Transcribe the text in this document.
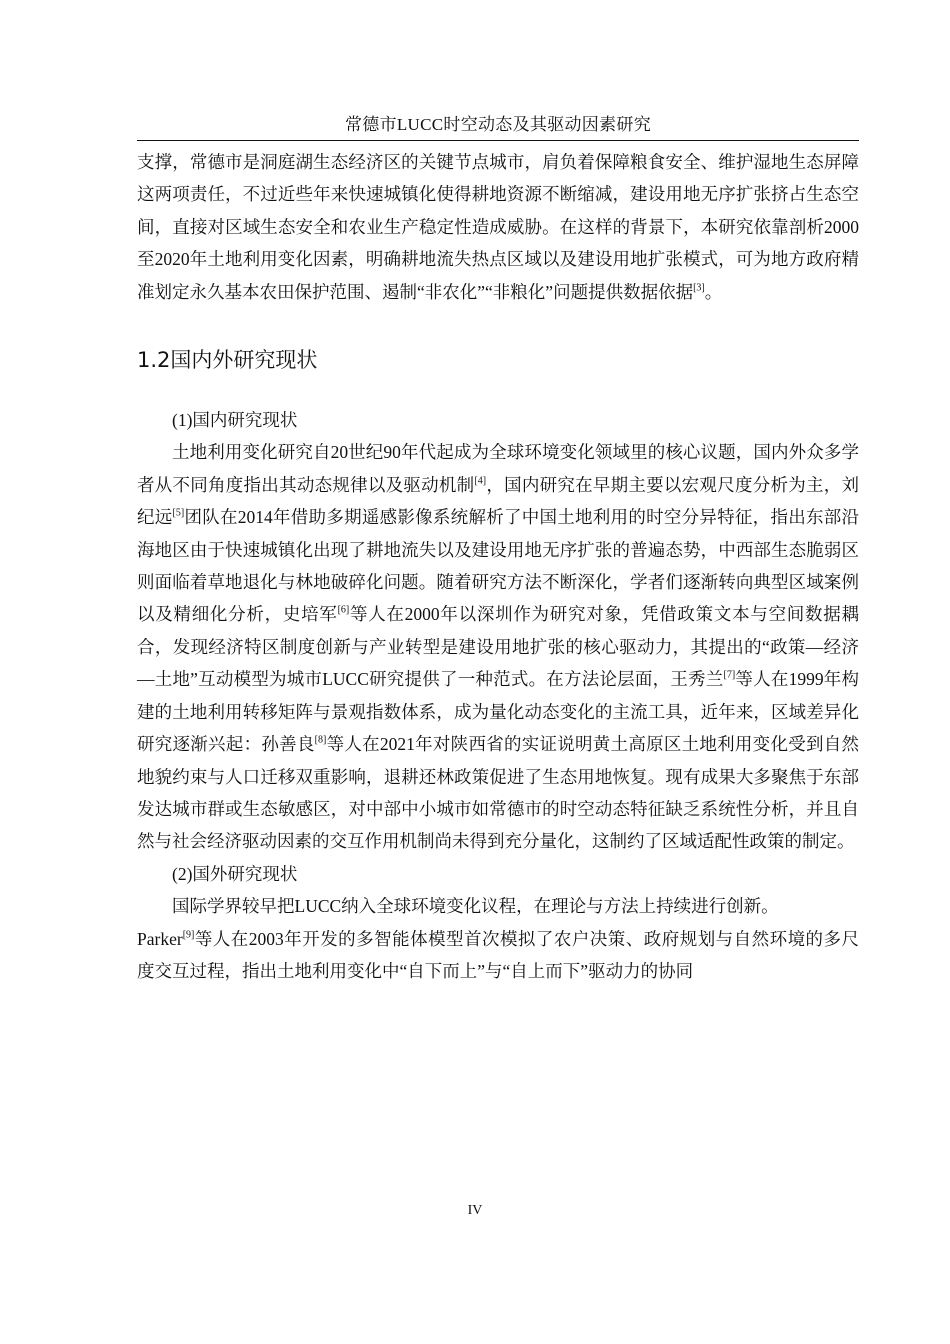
常德市LUCC时空动态及其驱动因素研究

支撑，常德市是洞庭湖生态经济区的关键节点城市，肩负着保障粮食安全、维护湿地生态屏障这两项责任，不过近些年来快速城镇化使得耕地资源不断缩减，建设用地无序扩张挤占生态空间，直接对区域生态安全和农业生产稳定性造成威胁。在这样的背景下，本研究依靠剖析2000至2020年土地利用变化因素，明确耕地流失热点区域以及建设用地扩张模式，可为地方政府精准划定永久基本农田保护范围、遏制“非农化”“非粮化”问题提供数据依据[3]。

1.2国内外研究现状

(1)国内研究现状

土地利用变化研究自20世纪90年代起成为全球环境变化领域里的核心议题，国内外众多学者从不同角度指出其动态规律以及驱动机制[4]，国内研究在早期主要以宏观尺度分析为主，刘纪远[5]团队在2014年借助多期遥感影像系统解析了中国土地利用的时空分异特征，指出东部沿海地区由于快速城镇化出现了耕地流失以及建设用地无序扩张的普遍态势，中西部生态脆弱区则面临着草地退化与林地破碎化问题。随着研究方法不断深化，学者们逐渐转向典型区域案例以及精细化分析，史培军[6]等人在2000年以深圳作为研究对象，凭借政策文本与空间数据耦合，发现经济特区制度创新与产业转型是建设用地扩张的核心驱动力，其提出的“政策—经济—土地”互动模型为城市LUCC研究提供了一种范式。在方法论层面，王秀兰[7]等人在1999年构建的土地利用转移矩阵与景观指数体系，成为量化动态变化的主流工具，近年来，区域差异化研究逐渐兴起：孙善良[8]等人在2021年对陕西省的实证说明黄土高原区土地利用变化受到自然地貌约束与人口迁移双重影响，退耕还林政策促进了生态用地恢复。现有成果大多聚焦于东部发达城市群或生态敏感区，对中部中小城市如常德市的时空动态特征缺乏系统性分析，并且自然与社会经济驱动因素的交互作用机制尚未得到充分量化，这制约了区域适配性政策的制定。

(2)国外研究现状

国际学界较早把LUCC纳入全球环境变化议程，在理论与方法上持续进行创新。

Parker[9]等人在2003年开发的多智能体模型首次模拟了农户决策、政府规划与自然环境的多尺度交互过程，指出土地利用变化中“自下而上”与“自上而下”驱动力的协同

IV
